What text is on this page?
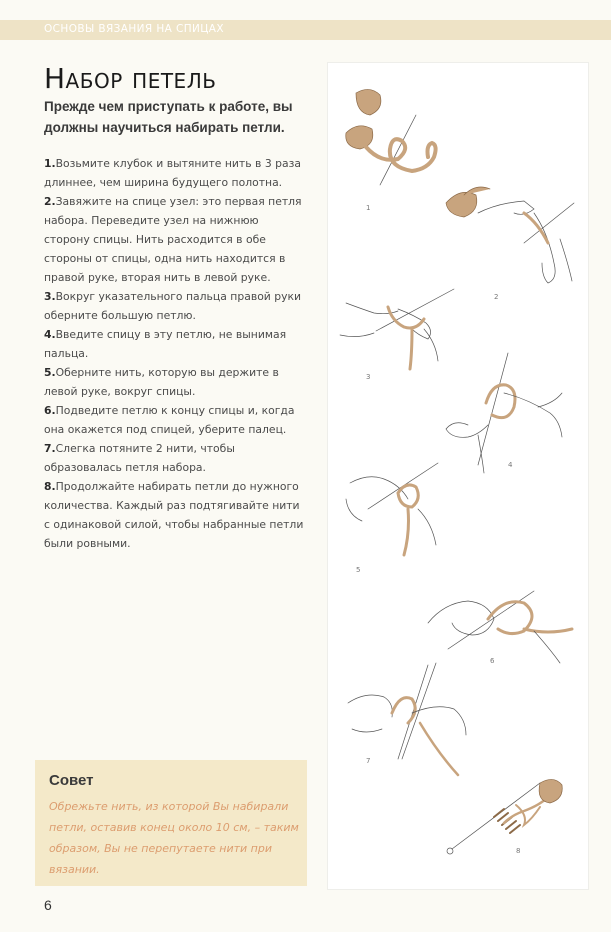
ОСНОВЫ ВЯЗАНИЯ НА СПИЦАХ
Набор петель
Прежде чем приступать к работе, вы должны научиться набирать петли.
1.Возьмите клубок и вытяните нить в 3 раза длиннее, чем ширина будущего полотна.
2.Завяжите на спице узел: это первая петля набора. Переведите узел на нижнюю сторону спицы. Нить расходится в обе стороны от спицы, одна нить находится в правой руке, вторая нить в левой руке.
3.Вокруг указательного пальца правой руки оберните большую петлю.
4.Введите спицу в эту петлю, не вынимая пальца.
5.Оберните нить, которую вы держите в левой руке, вокруг спицы.
6.Подведите петлю к концу спицы и, когда она окажется под спицей, уберите палец.
7.Слегка потяните 2 нити, чтобы образовалась петля набора.
8.Продолжайте набирать петли до нужного количества. Каждый раз подтягивайте нити с одинаковой силой, чтобы набранные петли были ровными.
Совет
Обрежьте нить, из которой Вы набирали петли, оставив конец около 10 см, – таким образом, Вы не перепутаете нити при вязании.
6
1
2
3
4
5
6
7
8
